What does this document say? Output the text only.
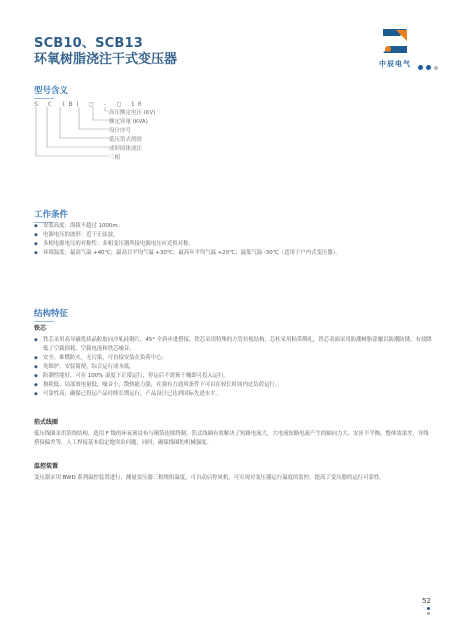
SCB10、SCB13
环氧树脂浇注干式变压器	中辰电气
型号含义
S C (B) □ - □ 10
高压额定电压 (KV)
额定容量 (KVA)
设计序号
低压箔式绕组
成形固体浇注
三相
工作条件
◆ 安装高度：海拔不超过 1000m。
◆ 电源电压的波形：近于正弦波。
◆ 多相电源电压的对称性：多相变压器所接电源电压应近似对称。
◆ 环境温度：最高气温 +40℃；最高日平均气温 +30℃；最高年平均气温 +20℃；最低气温 -30℃（适用于户内式变压器）。
结构特征
铁芯
◆ 铁芯采用高导磁优质晶粒取向冷轧硅钢片，45° 全斜步进搭接，铁芯采用特殊的方管拉板结构，芯柱采用粘带绑扎，铁芯表面采用防潮树脂涂覆以防潮防锈，有效降低了空载损耗、空载电流和铁芯噪音。
◆ 安全、难燃防火，无污染，可直接安装在负荷中心。
◆ 免维护，安装简便，综合运行成本低。
◆ 防潮性能好，可在 100% 湿度下正常运行，停运后不需预干燥即可投入运行。
◆ 损耗低、局部放电量低，噪音小，散热能力强，在强有力通风条件下可以在较长时间内过负荷运行。
◆ 可靠性高，确保已投运产品持续长期运行，产品设计已达到国际先进水平。
箔式线圈
低压线圈采用箔绕结构，选用 F 级的环氧预浸布与铜箔连续绕制，箔式线圈有效解决了短路电流大，大电流短路电流产生的轴向力大、安匝不平衡，整体效果差，导线搭接偏差等，人工焊接基本稳定地突出问题，同时，确保线圈的机械强度。
温控装置
变压器采用 BWD 系列温控装置进行，测量变压器三相绕组温度，可自动启停风机，可实现对变压器运行温度的监控，提高了变压器的运行可靠性。
52
